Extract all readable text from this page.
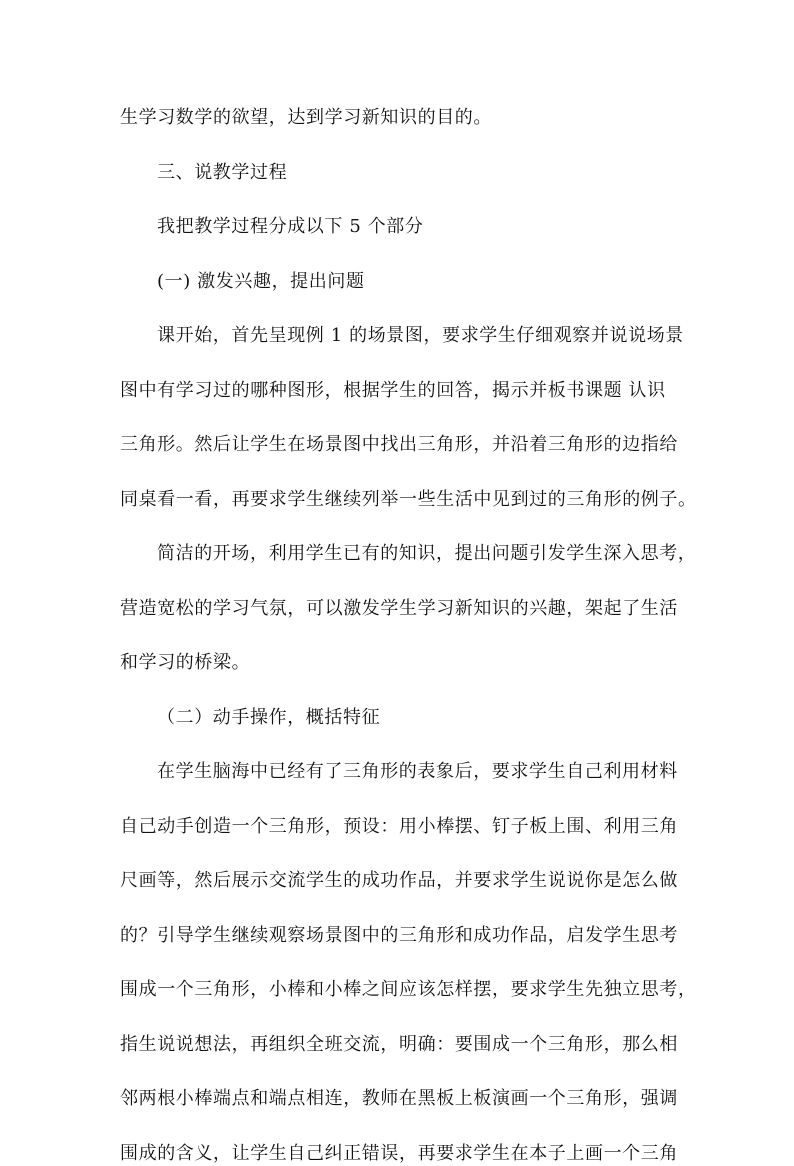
生学习数学的欲望，达到学习新知识的目的。
三、说教学过程
我把教学过程分成以下 5 个部分
(一) 激发兴趣，提出问题
课开始，首先呈现例 1 的场景图，要求学生仔细观察并说说场景
图中有学习过的哪种图形，根据学生的回答，揭示并板书课题 认识
三角形。然后让学生在场景图中找出三角形，并沿着三角形的边指给
同桌看一看，再要求学生继续列举一些生活中见到过的三角形的例子。
简洁的开场，利用学生已有的知识，提出问题引发学生深入思考，
营造宽松的学习气氛，可以激发学生学习新知识的兴趣，架起了生活
和学习的桥梁。
（二）动手操作，概括特征
在学生脑海中已经有了三角形的表象后，要求学生自己利用材料
自己动手创造一个三角形，预设：用小棒摆、钉子板上围、利用三角
尺画等，然后展示交流学生的成功作品，并要求学生说说你是怎么做
的？引导学生继续观察场景图中的三角形和成功作品，启发学生思考
围成一个三角形，小棒和小棒之间应该怎样摆，要求学生先独立思考，
指生说说想法，再组织全班交流，明确：要围成一个三角形，那么相
邻两根小棒端点和端点相连，教师在黑板上板演画一个三角形，强调
围成的含义，让学生自己纠正错误，再要求学生在本子上画一个三角
